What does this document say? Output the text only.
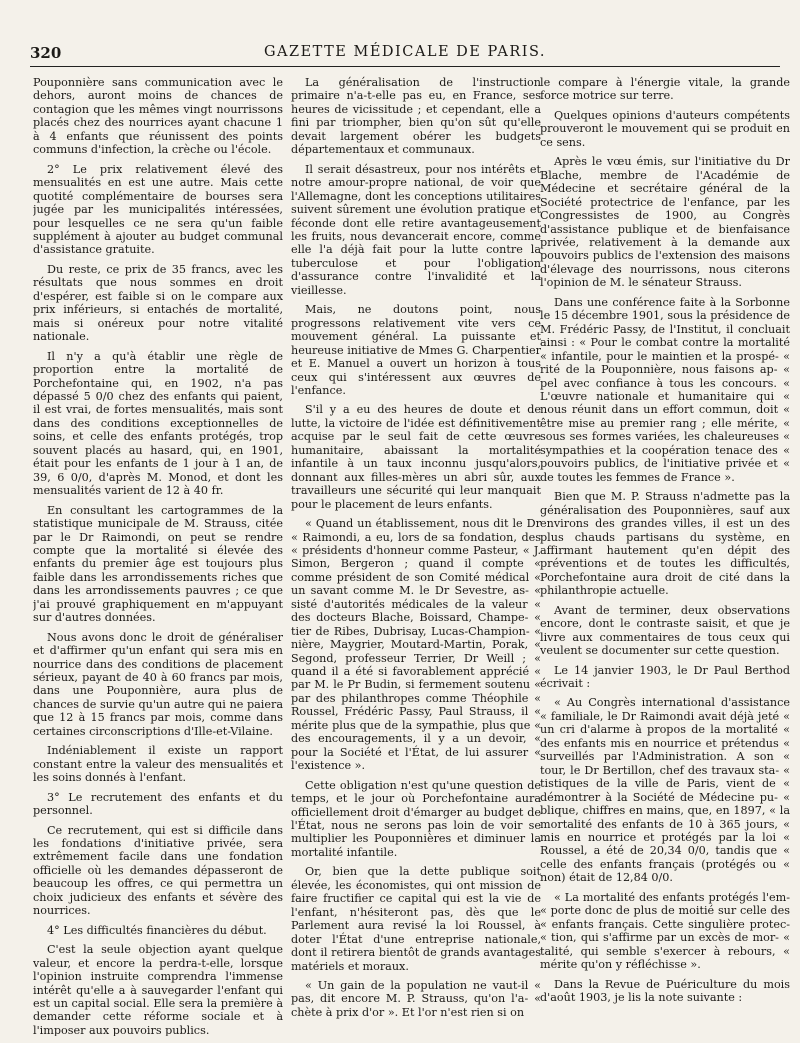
320	GAZETTE MÉDICALE DE PARIS.

Pouponnière sans communication avec le dehors, auront moins de chances de contagion que les mêmes vingt nourrissons placés chez des nourrices ayant chacune 1 à 4 enfants que réunissent des points communs d'infection, la crèche ou l'école.

2° Le prix relativement élevé des mensualités en est une autre. Mais cette quotité complémentaire de bourses sera jugée par les municipalités intéressées, pour lesquelles ce ne sera qu'un faible supplément à ajouter au budget communal d'assistance gratuite.

Du reste, ce prix de 35 francs, avec les résultats que nous sommes en droit d'espérer, est faible si on le compare aux prix inférieurs, si entachés de mortalité, mais si onéreux pour notre vitalité nationale.

Il n'y a qu'à établir une règle de proportion entre la mortalité de Porchefontaine qui, en 1902, n'a pas dépassé 5 0/0 chez des enfants qui paient, il est vrai, de fortes mensualités, mais sont dans des conditions exceptionnelles de soins, et celle des enfants protégés, trop souvent placés au hasard, qui, en 1901, était pour les enfants de 1 jour à 1 an, de 39, 6 0/0, d'après M. Monod, et dont les mensualités varient de 12 à 40 fr.

En consultant les cartogrammes de la statistique municipale de M. Strauss, citée par le Dr Raimondi, on peut se rendre compte que la mortalité si élevée des enfants du premier âge est toujours plus faible dans les arrondissements riches que dans les arrondissements pauvres ; ce que j'ai prouvé graphiquement en m'appuyant sur d'autres données.

Nous avons donc le droit de généraliser et d'affirmer qu'un enfant qui sera mis en nourrice dans des conditions de placement sérieux, payant de 40 à 60 francs par mois, dans une Pouponnière, aura plus de chances de survie qu'un autre qui ne paiera que 12 à 15 francs par mois, comme dans certaines circonscriptions d'Ille-et-Vilaine.

Indéniablement il existe un rapport constant entre la valeur des mensualités et les soins donnés à l'enfant.

3° Le recrutement des enfants et du personnel.

Ce recrutement, qui est si difficile dans les fondations d'initiative privée, sera extrêmement facile dans une fondation officielle où les demandes dépasseront de beaucoup les offres, ce qui permettra un choix judicieux des enfants et sévère des nourrices.

4° Les difficultés financières du début.

C'est la seule objection ayant quelque valeur, et encore la perdra-t-elle, lorsque l'opinion instruite comprendra l'immense intérêt qu'elle a à sauvegarder l'enfant qui est un capital social. Elle sera la première à demander cette réforme sociale et à l'imposer aux pouvoirs publics.

La généralisation de l'instruction primaire n'a-t-elle pas eu, en France, ses heures de vicissitude ; et cependant, elle a fini par triompher, bien qu'on sût qu'elle devait largement obérer les budgets départementaux et communaux.

Il serait désastreux, pour nos intérêts et notre amour-propre national, de voir que l'Allemagne, dont les conceptions utilitaires suivent sûrement une évolution pratique et féconde dont elle retire avantageusement les fruits, nous devancerait encore, comme elle l'a déjà fait pour la lutte contre la tuberculose et pour l'obligation d'assurance contre l'invalidité et la vieillesse.

Mais, ne doutons point, nous progressons relativement vite vers ce mouvement général. La puissante et heureuse initiative de Mmes G. Charpentier et E. Manuel a ouvert un horizon à tous ceux qui s'intéressent aux œuvres de l'enfance.

S'il y a eu des heures de doute et de lutte, la victoire de l'idée est définitivement acquise par le seul fait de cette œuvre humanitaire, abaissant la mortalité infantile à un taux inconnu jusqu'alors, donnant aux filles-mères un abri sûr, aux travailleurs une sécurité qui leur manquait pour le placement de leurs enfants.

« Quand un établissement, nous dit le Dr « Raimondi, a eu, lors de sa fondation, des « présidents d'honneur comme Pasteur, « J. Simon, Bergeron ; quand il compte « comme président de son Comité médical « un savant comme M. le Dr Sevestre, as- « sisté d'autorités médicales de la valeur « des docteurs Blache, Boissard, Champe- « tier de Ribes, Dubrisay, Lucas-Champion- « nière, Maygrier, Moutard-Martin, Porak, « Segond, professeur Terrier, Dr Weill ; « quand il a été si favorablement apprécié « par M. le Pr Budin, si fermement soutenu « par des philanthropes comme Théophile « Roussel, Frédéric Passy, Paul Strauss, il « mérite plus que de la sympathie, plus que « des encouragements, il y a un devoir, « pour la Société et l'État, de lui assurer « l'existence ».

Cette obligation n'est qu'une question de temps, et le jour où Porchefontaine aura officiellement droit d'émarger au budget de l'État, nous ne serons pas loin de voir se multiplier les Pouponnières et diminuer la mortalité infantile.

Or, bien que la dette publique soit élevée, les économistes, qui ont mission de faire fructifier ce capital qui est la vie de l'enfant, n'hésiteront pas, dès que le Parlement aura revisé la loi Roussel, à doter l'État d'une entreprise nationale, dont il retirera bientôt de grands avantages matériels et moraux.

« Un gain de la population ne vaut-il « pas, dit encore M. P. Strauss, qu'on l'a- « chète à prix d'or ». Et l'or n'est rien si on

le compare à l'énergie vitale, la grande force motrice sur terre.

Quelques opinions d'auteurs compétents prouveront le mouvement qui se produit en ce sens.

Après le vœu émis, sur l'initiative du Dr Blache, membre de l'Académie de Médecine et secrétaire général de la Société protectrice de l'enfance, par les Congressistes de 1900, au Congrès d'assistance publique et de bienfaisance privée, relativement à la demande aux pouvoirs publics de l'extension des maisons d'élevage des nourrissons, nous citerons l'opinion de M. le sénateur Strauss.

Dans une conférence faite à la Sorbonne le 15 décembre 1901, sous la présidence de M. Frédéric Passy, de l'Institut, il concluait ainsi : « Pour le combat contre la mortalité « infantile, pour le maintien et la prospé- « rité de la Pouponnière, nous faisons ap- « pel avec confiance à tous les concours. « L'œuvre nationale et humanitaire qui « nous réunit dans un effort commun, doit « être mise au premier rang ; elle mérite, « sous ses formes variées, les chaleureuses « sympathies et la coopération tenace des « pouvoirs publics, de l'initiative privée et « de toutes les femmes de France ».

Bien que M. P. Strauss n'admette pas la généralisation des Pouponnières, sauf aux environs des grandes villes, il est un des plus chauds partisans du système, en affirmant hautement qu'en dépit des préventions et de toutes les difficultés, Porchefontaine aura droit de cité dans la philanthropie actuelle.

Avant de terminer, deux observations encore, dont le contraste saisit, et que je livre aux commentaires de tous ceux qui veulent se documenter sur cette question.

Le 14 janvier 1903, le Dr Paul Berthod écrivait :

« Au Congrès international d'assistance « familiale, le Dr Raimondi avait déjà jeté « un cri d'alarme à propos de la mortalité « des enfants mis en nourrice et prétendus « surveillés par l'Administration. A son « tour, le Dr Bertillon, chef des travaux sta- « tistiques de la ville de Paris, vient de « démontrer à la Société de Médecine pu- « blique, chiffres en mains, que, en 1897, « la mortalité des enfants de 10 à 365 jours, « mis en nourrice et protégés par la loi « Roussel, a été de 20,34 0/0, tandis que « celle des enfants français (protégés ou « non) était de 12,84 0/0.

« La mortalité des enfants protégés l'em- « porte donc de plus de moitié sur celle des « enfants français. Cette singulière protec- « tion, qui s'affirme par un excès de mor- « talité, qui semble s'exercer à rebours, « mérite qu'on y réfléchisse ».

Dans la Revue de Puériculture du mois d'août 1903, je lis la note suivante :
